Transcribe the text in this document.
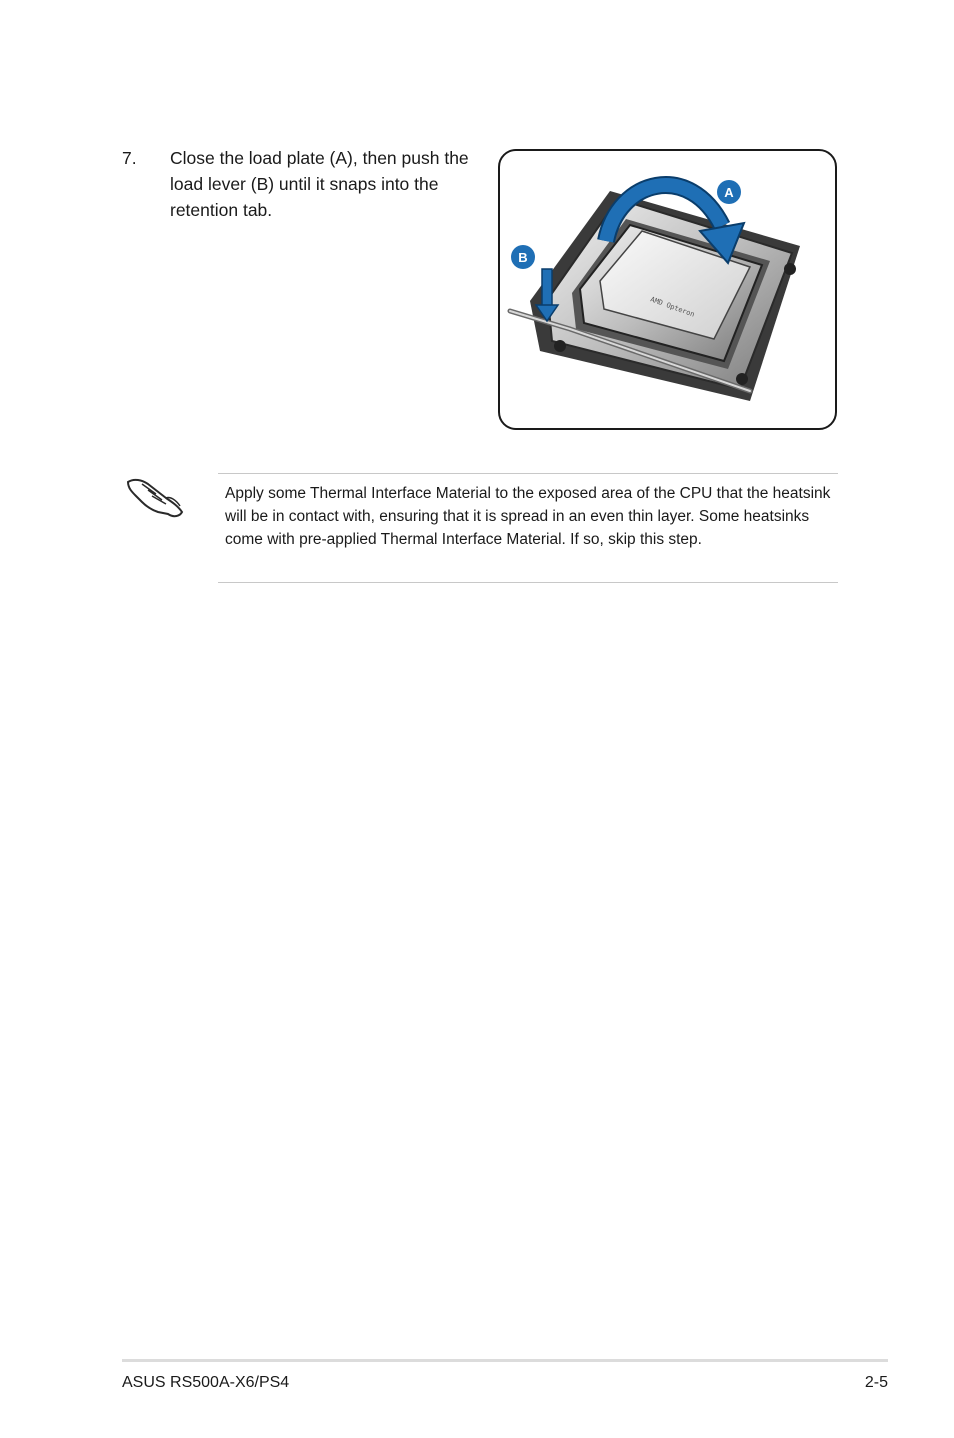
7. Close the load plate (A), then push the load lever (B) until it snaps into the retention tab.
AMD Opteron
A
B
Apply some Thermal Interface Material to the exposed area of the CPU that the heatsink will be in contact with, ensuring that it is spread in an even thin layer. Some heatsinks come with pre-applied Thermal Interface Material. If so, skip this step.
ASUS RS500A-X6/PS4	2-5
